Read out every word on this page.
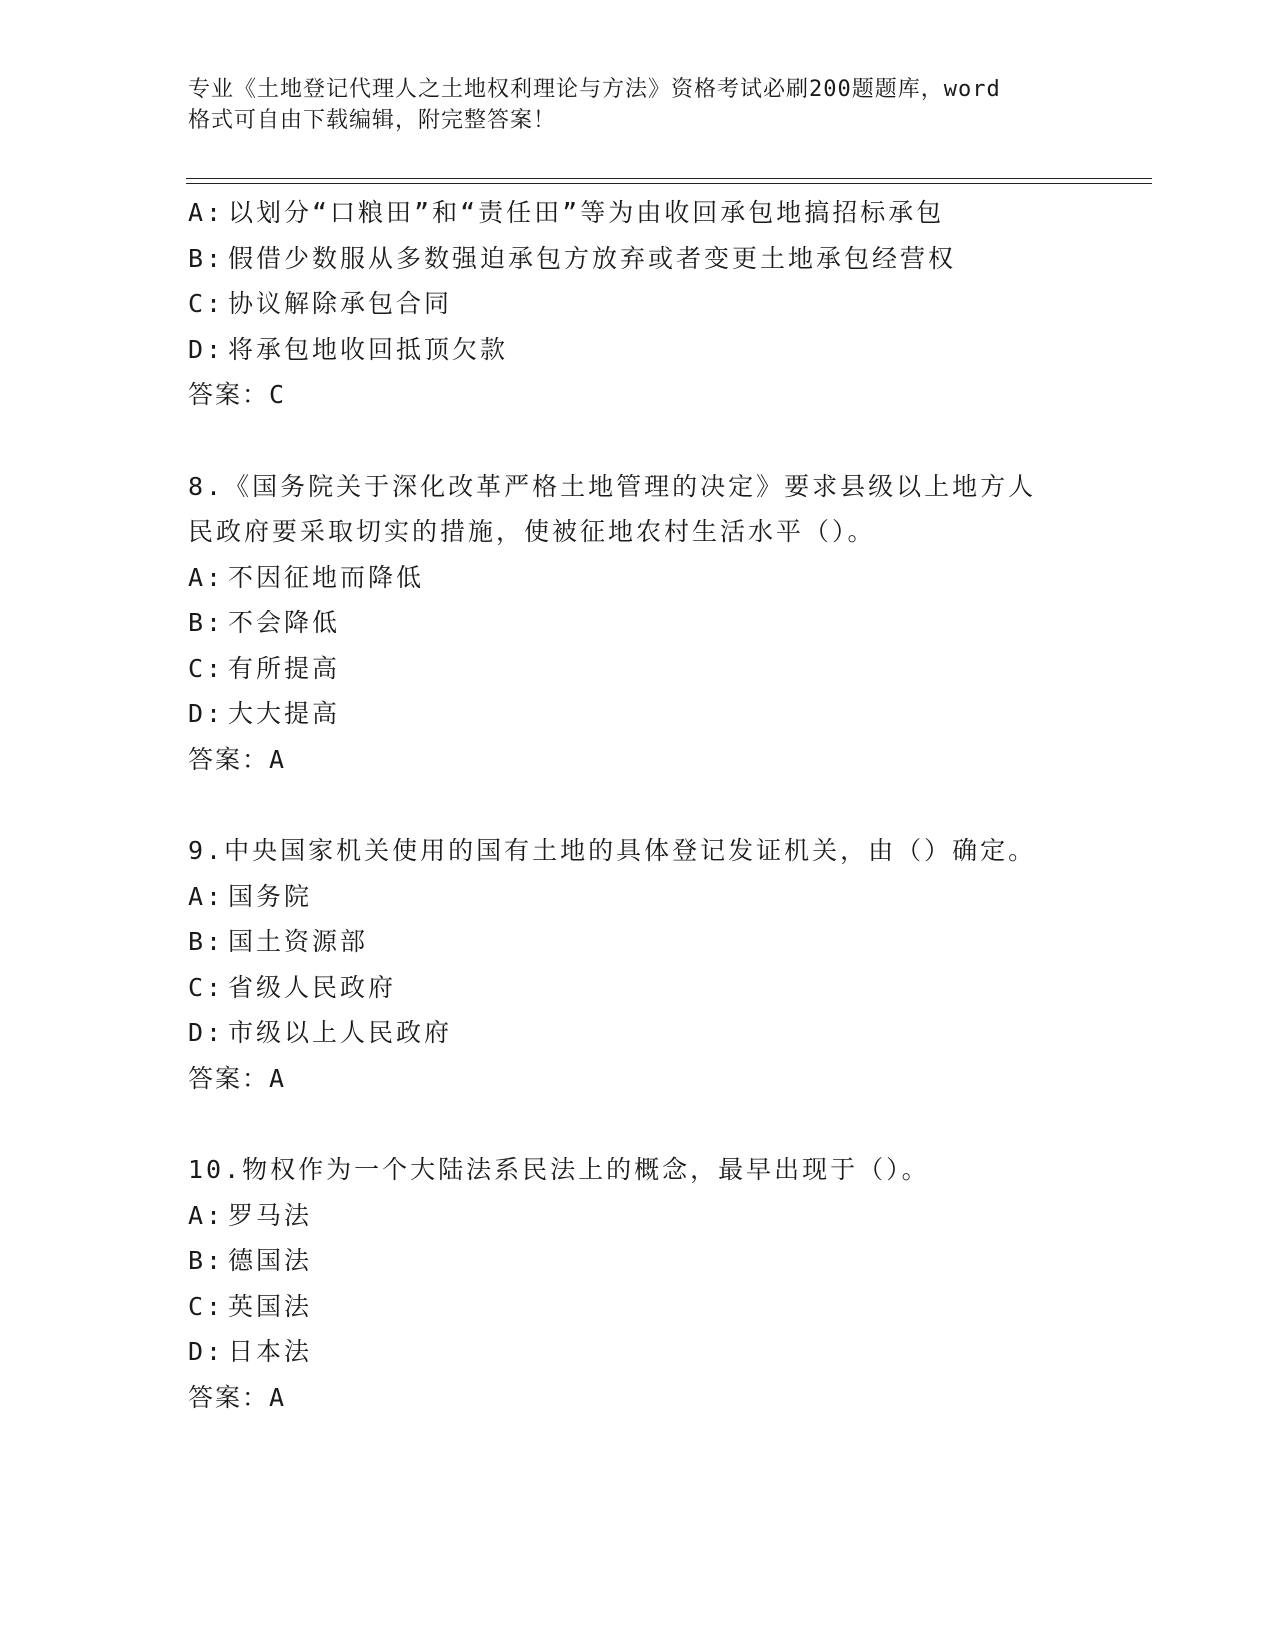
专业《土地登记代理人之土地权利理论与方法》资格考试必刷200题题库，word
格式可自由下载编辑，附完整答案！
A: 以划分“口粮田”和“责任田”等为由收回承包地搞招标承包
B: 假借少数服从多数强迫承包方放弃或者变更土地承包经营权
C: 协议解除承包合同
D: 将承包地收回抵顶欠款
答案：C
8.《国务院关于深化改革严格土地管理的决定》要求县级以上地方人
民政府要采取切实的措施，使被征地农村生活水平（）。
A: 不因征地而降低
B: 不会降低
C: 有所提高
D: 大大提高
答案：A
9.中央国家机关使用的国有土地的具体登记发证机关，由（）确定。
A: 国务院
B: 国土资源部
C: 省级人民政府
D: 市级以上人民政府
答案：A
10.物权作为一个大陆法系民法上的概念，最早出现于（）。
A: 罗马法
B: 德国法
C: 英国法
D: 日本法
答案：A
